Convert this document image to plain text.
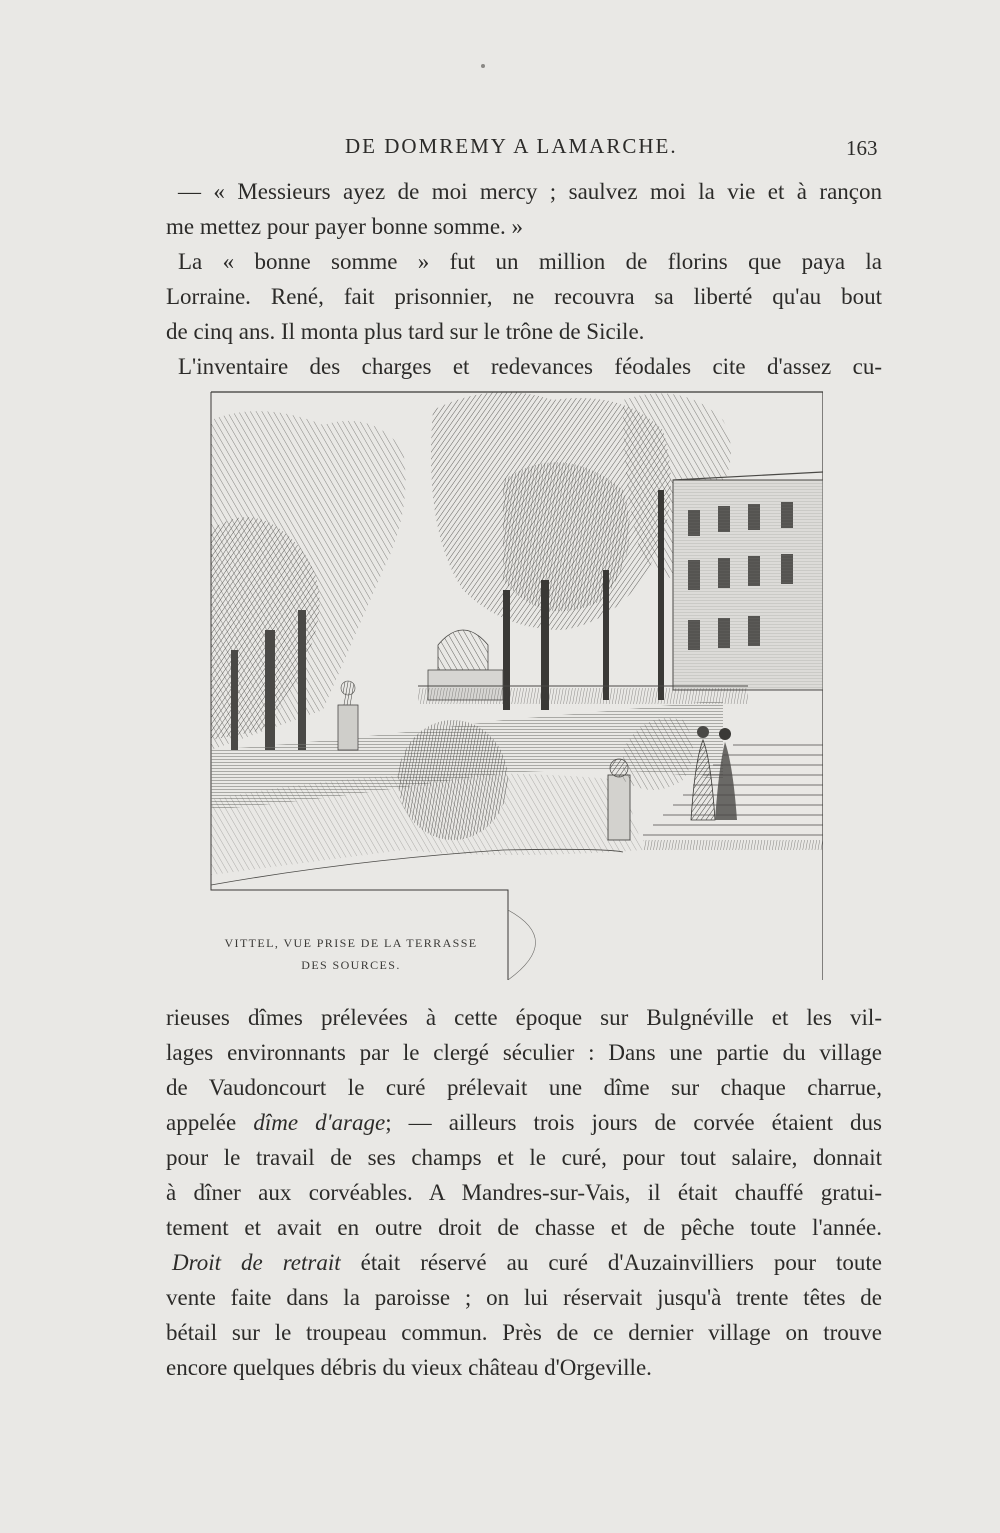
DE DOMREMY A LAMARCHE.	163
— « Messieurs ayez de moi mercy ; saulvez moi la vie et à rançon
me mettez pour payer bonne somme. »
La « bonne somme » fut un million de florins que paya la
Lorraine. René, fait prisonnier, ne recouvra sa liberté qu'au bout
de cinq ans. Il monta plus tard sur le trône de Sicile.
L'inventaire des charges et redevances féodales cite d'assez cu-
VITTEL, VUE PRISE DE LA TERRASSE
DES SOURCES.
rieuses dîmes prélevées à cette époque sur Bulgnéville et les vil-
lages environnants par le clergé séculier : Dans une partie du village
de Vaudoncourt le curé prélevait une dîme sur chaque charrue,
appelée dîme d'arage; — ailleurs trois jours de corvée étaient dus
pour le travail de ses champs et le curé, pour tout salaire, donnait
à dîner aux corvéables. A Mandres-sur-Vais, il était chauffé gratui-
tement et avait en outre droit de chasse et de pêche toute l'année.
Droit de retrait était réservé au curé d'Auzainvilliers pour toute
vente faite dans la paroisse ; on lui réservait jusqu'à trente têtes de
bétail sur le troupeau commun. Près de ce dernier village on trouve
encore quelques débris du vieux château d'Orgeville.
